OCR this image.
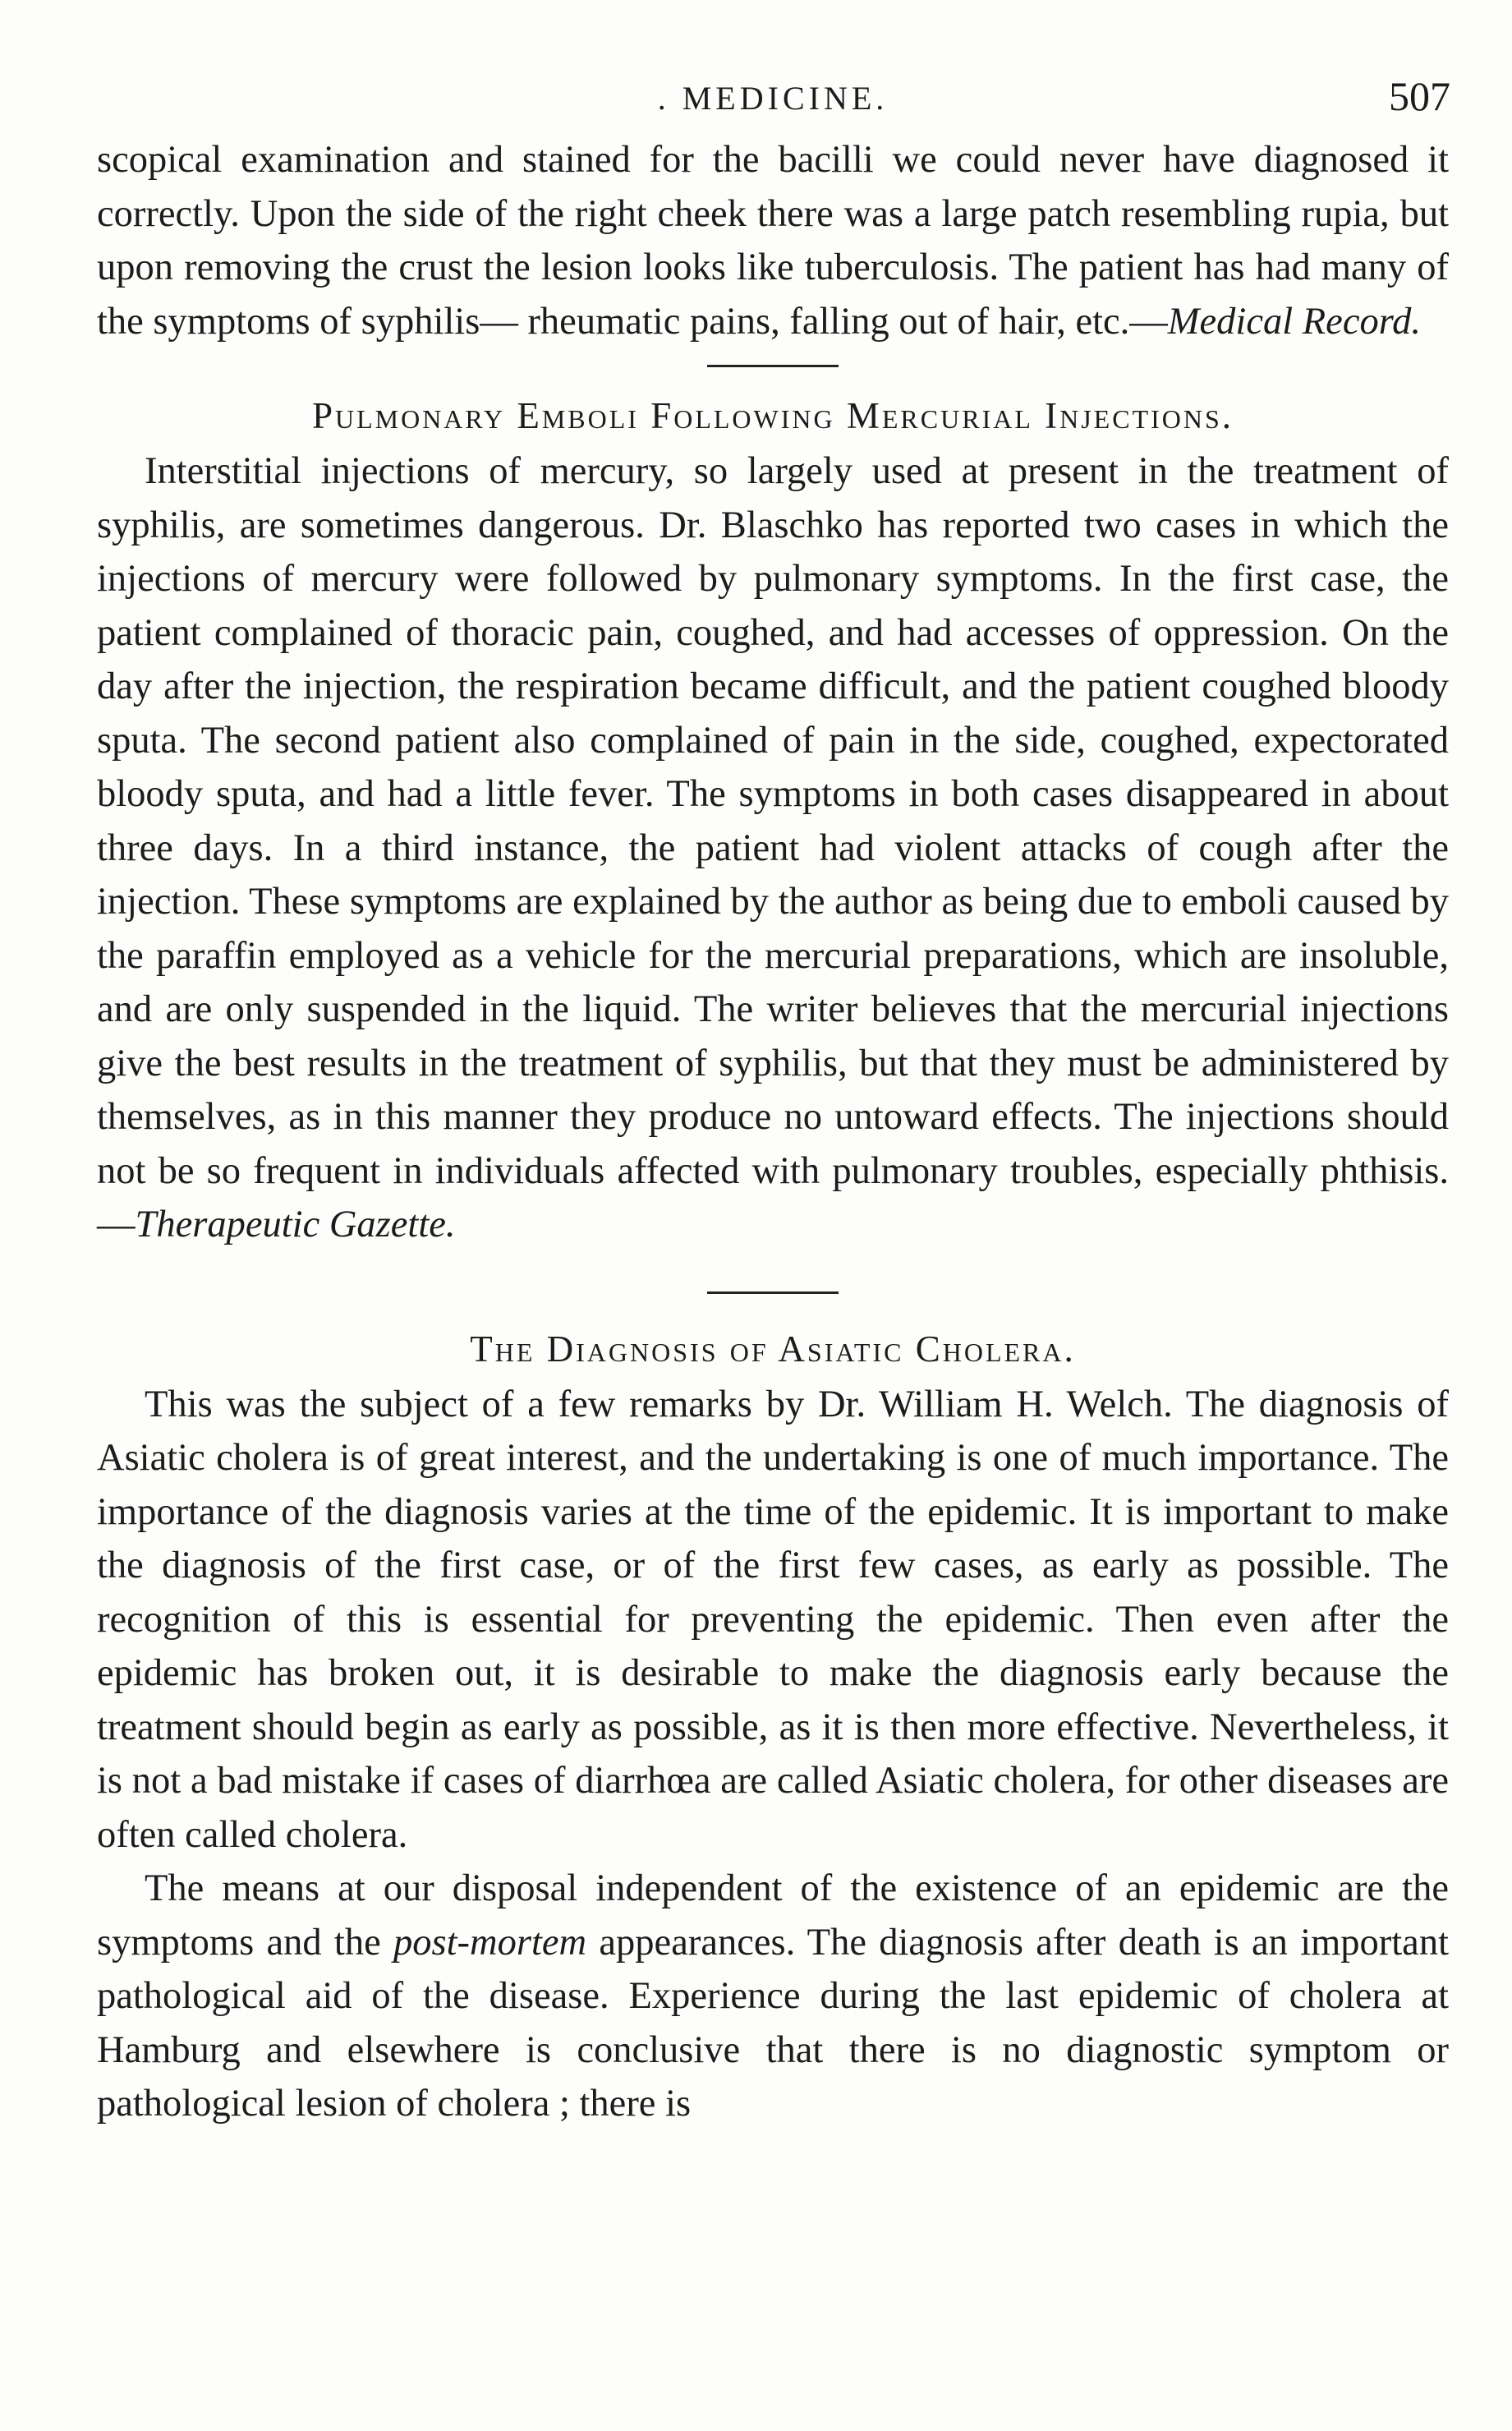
. MEDICINE.	507

scopical examination and stained for the bacilli we could never have diagnosed it correctly. Upon the side of the right cheek there was a large patch resembling rupia, but upon removing the crust the lesion looks like tuberculosis. The patient has had many of the symptoms of syphilis— rheumatic pains, falling out of hair, etc.—Medical Record.

Pulmonary Emboli Following Mercurial Injections.

Interstitial injections of mercury, so largely used at present in the treatment of syphilis, are sometimes dangerous. Dr. Blaschko has reported two cases in which the injections of mercury were followed by pulmonary symptoms. In the first case, the patient complained of thoracic pain, coughed, and had accesses of oppression. On the day after the injection, the respiration became difficult, and the patient coughed bloody sputa. The second patient also complained of pain in the side, coughed, expectorated bloody sputa, and had a little fever. The symptoms in both cases disappeared in about three days. In a third instance, the patient had violent attacks of cough after the injection. These symptoms are explained by the author as being due to emboli caused by the paraffin employed as a vehicle for the mercurial preparations, which are insoluble, and are only suspended in the liquid. The writer believes that the mercurial injections give the best results in the treatment of syphilis, but that they must be administered by themselves, as in this manner they produce no untoward effects. The injections should not be so frequent in individuals affected with pulmonary troubles, especially phthisis.—Therapeutic Gazette.

The Diagnosis of Asiatic Cholera.

This was the subject of a few remarks by Dr. William H. Welch. The diagnosis of Asiatic cholera is of great interest, and the undertaking is one of much importance. The importance of the diagnosis varies at the time of the epidemic. It is important to make the diagnosis of the first case, or of the first few cases, as early as possible. The recognition of this is essential for preventing the epidemic. Then even after the epidemic has broken out, it is desirable to make the diagnosis early because the treatment should begin as early as possible, as it is then more effective. Nevertheless, it is not a bad mistake if cases of diarrhœa are called Asiatic cholera, for other diseases are often called cholera.

The means at our disposal independent of the existence of an epidemic are the symptoms and the post-mortem appearances. The diagnosis after death is an important pathological aid of the disease. Experience during the last epidemic of cholera at Hamburg and elsewhere is conclusive that there is no diagnostic symptom or pathological lesion of cholera ; there is
